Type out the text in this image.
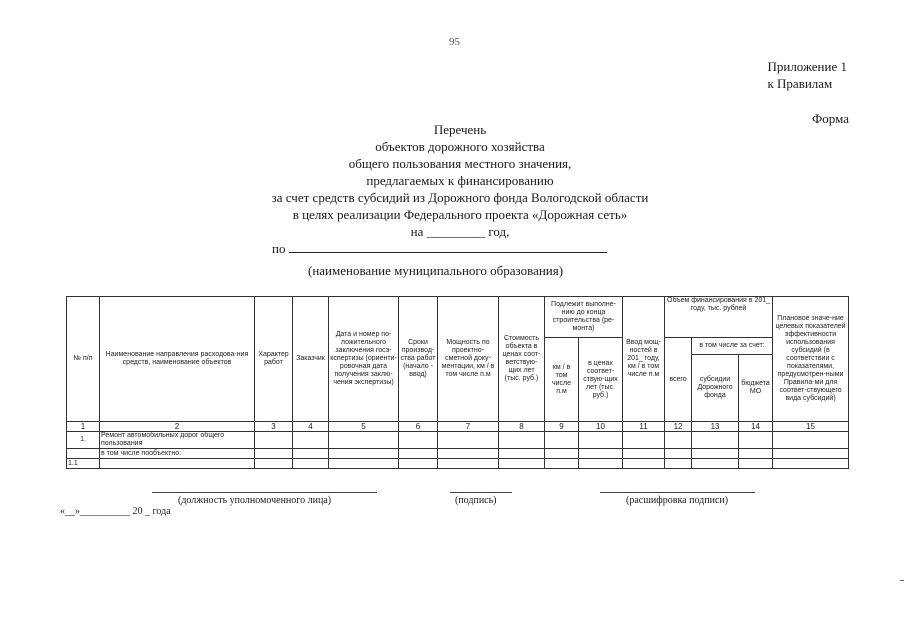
95
Приложение 1
к Правилам
Форма
Перечень
объектов дорожного хозяйства
общего пользования местного значения,
предлагаемых к финансированию
за счет средств субсидий из Дорожного фонда Вологодской области
в целях реализации Федерального проекта «Дорожная сеть»
на _________ год,
по
(наименование муниципального образования)
№ п/п	Наименование направления расходова-ния средств, наименование объектов	Характер работ	Заказчик	Дата и номер по-ложительного заключения госэ-кспертизы (ориенти-ровочная дата получения заклю-чения экспертизы)	Сроки производ-ства работ (начало - ввод)	Мощность по проектно-сметной доку-ментации, км / в том числе п.м	Стоимость объекта в ценах соот-ветствую-щих лет (тыс. руб.)	Подлежит выполне-нию до конца строительства (ре-монта)		Ввод мощ-ностей в 201_ году, км / в том числе п.м	Объем финансирования в 201_ году, тыс. рублей			Плановое значе-ние целевых показателей эффективности использования субсидий (в соответствии с показателями, предусмотрен-ными Правила-ми для соответ-ствующего вида субсидий)
								км / в том числе п.м	в ценах соответ-ствую-щих лет (тыс. руб.)		всего	в том числе за счет:		
												субсидии Дорожного фонда	бюджета МО	
1	2	3	4	5	6	7	8	9	10	11	12	13	14	15
1.	Ремонт автомобильных дорог общего пользования													
	в том числе пообъектно:													
1.1														
(должность уполномоченного лица)	(подпись)	(расшифровка подписи)
«__»__________ 20 _ года
